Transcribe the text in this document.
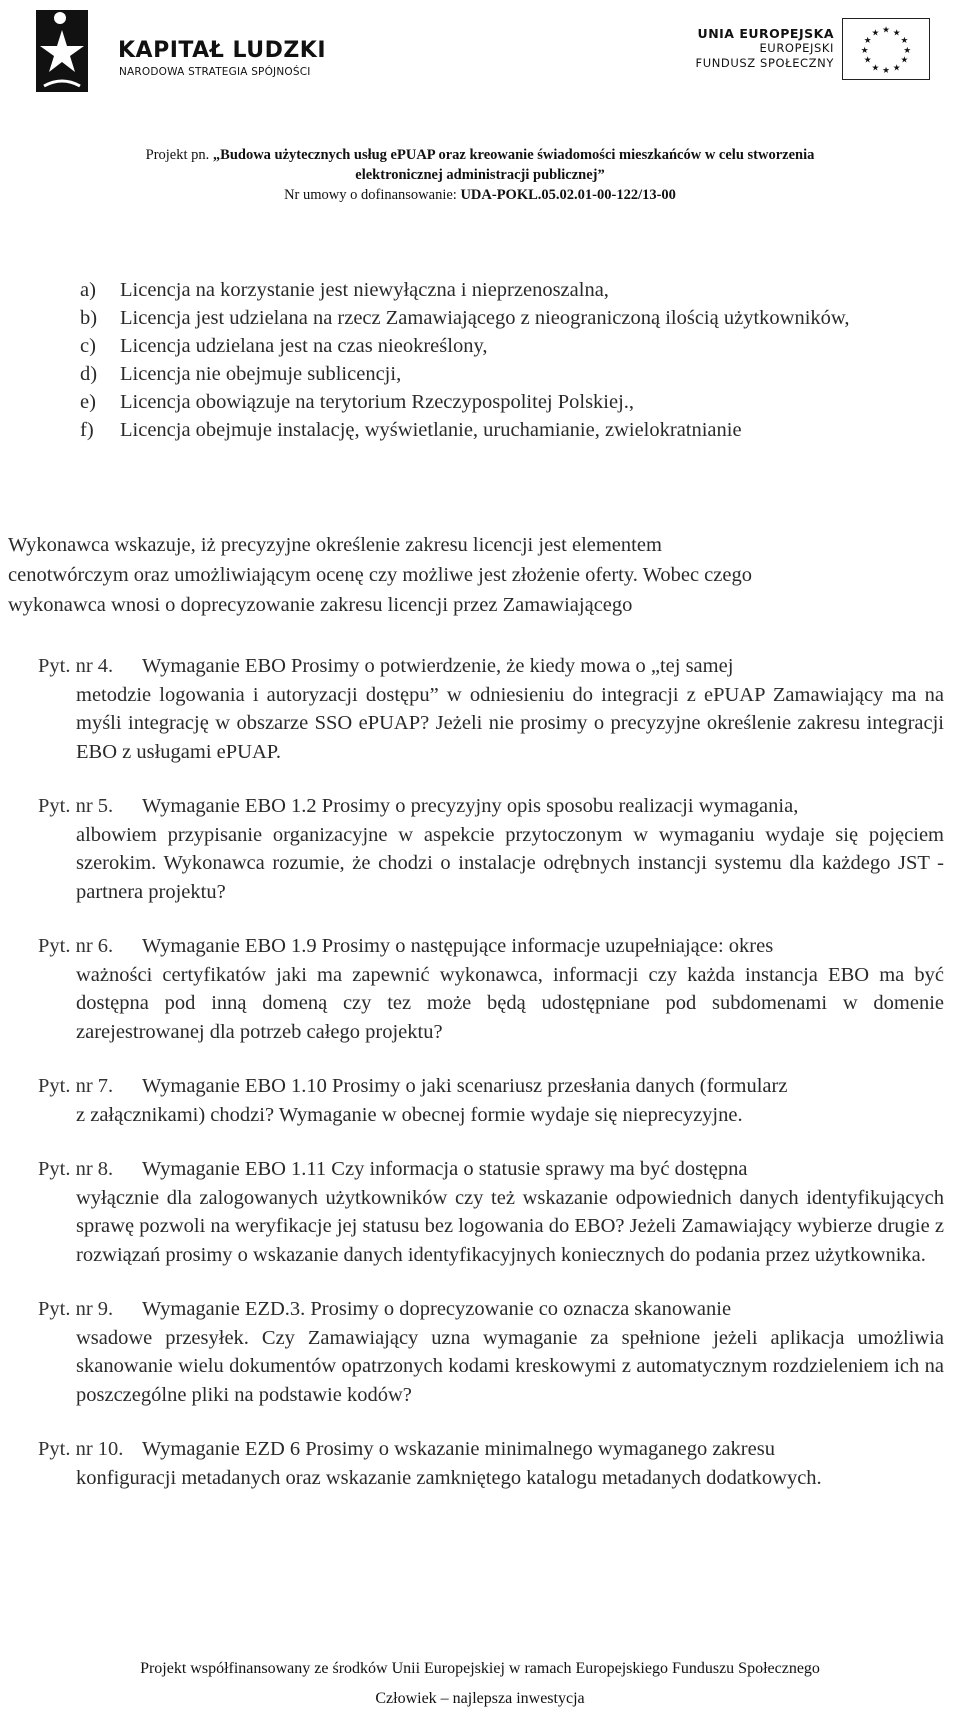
KAPITAŁ LUDZKI
NARODOWA STRATEGIA SPÓJNOŚCI
UNIA EUROPEJSKA
EUROPEJSKI
FUNDUSZ SPOŁECZNY
★ ★
★
★
★
★
★
★
★
★
★
★
Projekt pn. „Budowa użytecznych usług ePUAP oraz kreowanie świadomości mieszkańców w celu stworzenia
elektronicznej administracji publicznej”
Nr umowy o dofinansowanie: UDA-POKL.05.02.01-00-122/13-00
a) Licencja na korzystanie jest niewyłączna i nieprzenoszalna,
b) Licencja jest udzielana na rzecz Zamawiającego z nieograniczoną ilością użytkowników,
c) Licencja udzielana jest na czas nieokreślony,
d) Licencja nie obejmuje sublicencji,
e) Licencja obowiązuje na terytorium Rzeczypospolitej Polskiej.,
f) Licencja obejmuje instalację, wyświetlanie, uruchamianie, zwielokratnianie
Wykonawca wskazuje, iż precyzyjne określenie zakresu licencji jest elementem
cenotwórczym oraz umożliwiającym ocenę czy możliwe jest złożenie oferty. Wobec czego
wykonawca wnosi o doprecyzowanie zakresu licencji przez Zamawiającego
Pyt. nr 4.	Wymaganie EBO Prosimy o potwierdzenie, że kiedy mowa o „tej samej
metodzie logowania i autoryzacji dostępu” w odniesieniu do integracji z ePUAP Zamawiający ma na myśli integrację w obszarze SSO ePUAP? Jeżeli nie prosimy o precyzyjne określenie zakresu integracji EBO z usługami ePUAP.
Pyt. nr 5.	Wymaganie EBO 1.2 Prosimy o precyzyjny opis sposobu realizacji wymagania,
albowiem przypisanie organizacyjne w aspekcie przytoczonym w wymaganiu wydaje się pojęciem szerokim. Wykonawca rozumie, że chodzi o instalacje odrębnych instancji systemu dla każdego JST - partnera projektu?
Pyt. nr 6.	Wymaganie EBO 1.9 Prosimy o następujące informacje uzupełniające: okres
ważności certyfikatów jaki ma zapewnić wykonawca, informacji czy każda instancja EBO ma być dostępna pod inną domeną czy tez może będą udostępniane pod subdomenami w domenie zarejestrowanej dla potrzeb całego projektu?
Pyt. nr 7.	Wymaganie EBO 1.10 Prosimy o jaki scenariusz przesłania danych (formularz
z załącznikami) chodzi? Wymaganie w obecnej formie wydaje się nieprecyzyjne.
Pyt. nr 8.	Wymaganie EBO 1.11 Czy informacja o statusie sprawy ma być dostępna
wyłącznie dla zalogowanych użytkowników czy też wskazanie odpowiednich danych identyfikujących sprawę pozwoli na weryfikacje jej statusu bez logowania do EBO? Jeżeli Zamawiający wybierze drugie z rozwiązań prosimy o wskazanie danych identyfikacyjnych koniecznych do podania przez użytkownika.
Pyt. nr 9.	Wymaganie EZD.3. Prosimy o doprecyzowanie co oznacza skanowanie
wsadowe przesyłek. Czy Zamawiający uzna wymaganie za spełnione jeżeli aplikacja umożliwia skanowanie wielu dokumentów opatrzonych kodami kreskowymi z automatycznym rozdzieleniem ich na poszczególne pliki na podstawie kodów?
Pyt. nr 10. Wymaganie EZD 6 Prosimy o wskazanie minimalnego wymaganego zakresu
konfiguracji metadanych oraz wskazanie zamkniętego katalogu metadanych dodatkowych.
Projekt współfinansowany ze środków Unii Europejskiej w ramach Europejskiego Funduszu Społecznego
Człowiek – najlepsza inwestycja
